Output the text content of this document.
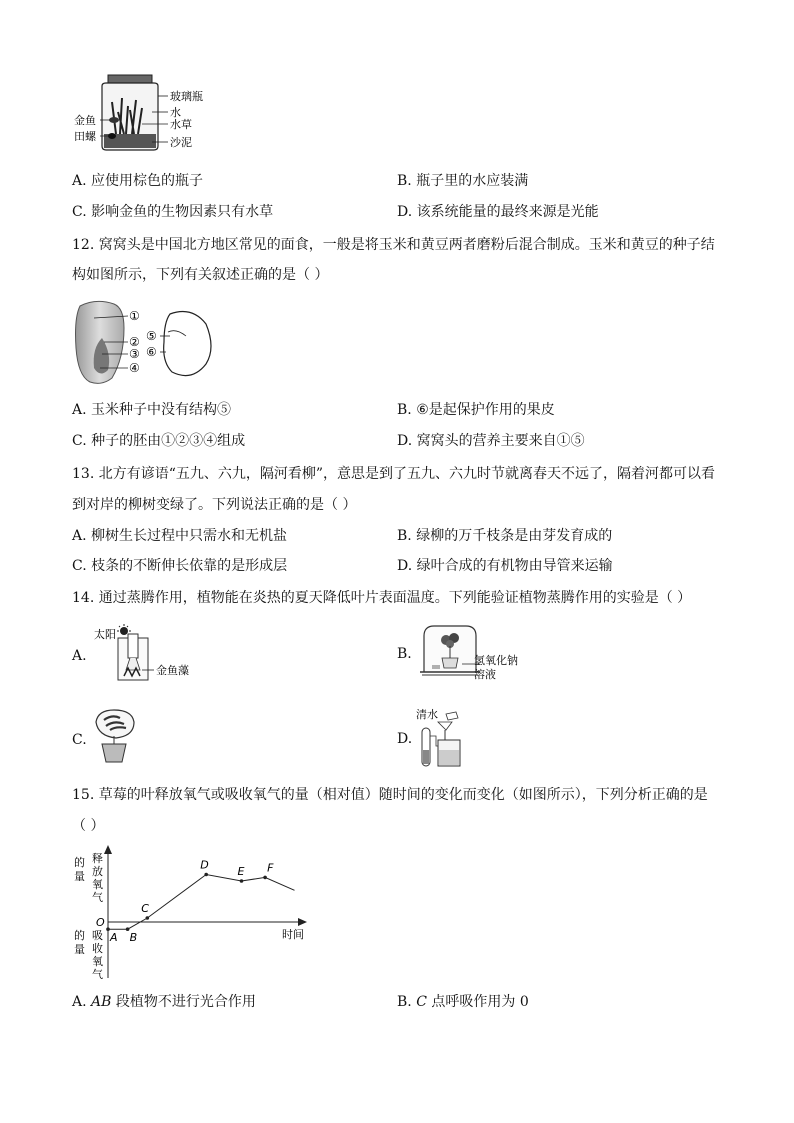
玻璃瓶
水
水草
沙泥
金鱼
田螺
A. 应使用棕色的瓶子	B. 瓶子里的水应装满
C. 影响金鱼的生物因素只有水草	D. 该系统能量的最终来源是光能
12. 窝窝头是中国北方地区常见的面食，一般是将玉米和黄豆两者磨粉后混合制成。玉米和黄豆的种子结
构如图所示，下列有关叙述正确的是（ ）
①
②
③
④
⑤
⑥
A. 玉米种子中没有结构⑤	B. ⑥是起保护作用的果皮
C. 种子的胚由①②③④组成	D. 窝窝头的营养主要来自①⑤
13. 北方有谚语“五九、六九，隔河看柳”，意思是到了五九、六九时节就离春天不远了，隔着河都可以看
到对岸的柳树变绿了。下列说法正确的是（ ）
A. 柳树生长过程中只需水和无机盐	B. 绿柳的万千枝条是由芽发育成的
C. 枝条的不断伸长依靠的是形成层	D. 绿叶合成的有机物由导管来运输
14. 通过蒸腾作用，植物能在炎热的夏天降低叶片表面温度。下列能验证植物蒸腾作用的实验是（ ）
A.
太阳
金鱼藻
B.	氢氧化钠
溶液
C.	D.
清水
15. 草莓的叶释放氧气或吸收氧气的量（相对值）随时间的变化而变化（如图所示），下列分析正确的是
（ ）
时间
O
的
量
释
放
氧
气
的
量
吸
收
氧
气
A B
C
D	E F
A. AB 段植物不进行光合作用	B. C 点呼吸作用为 0
